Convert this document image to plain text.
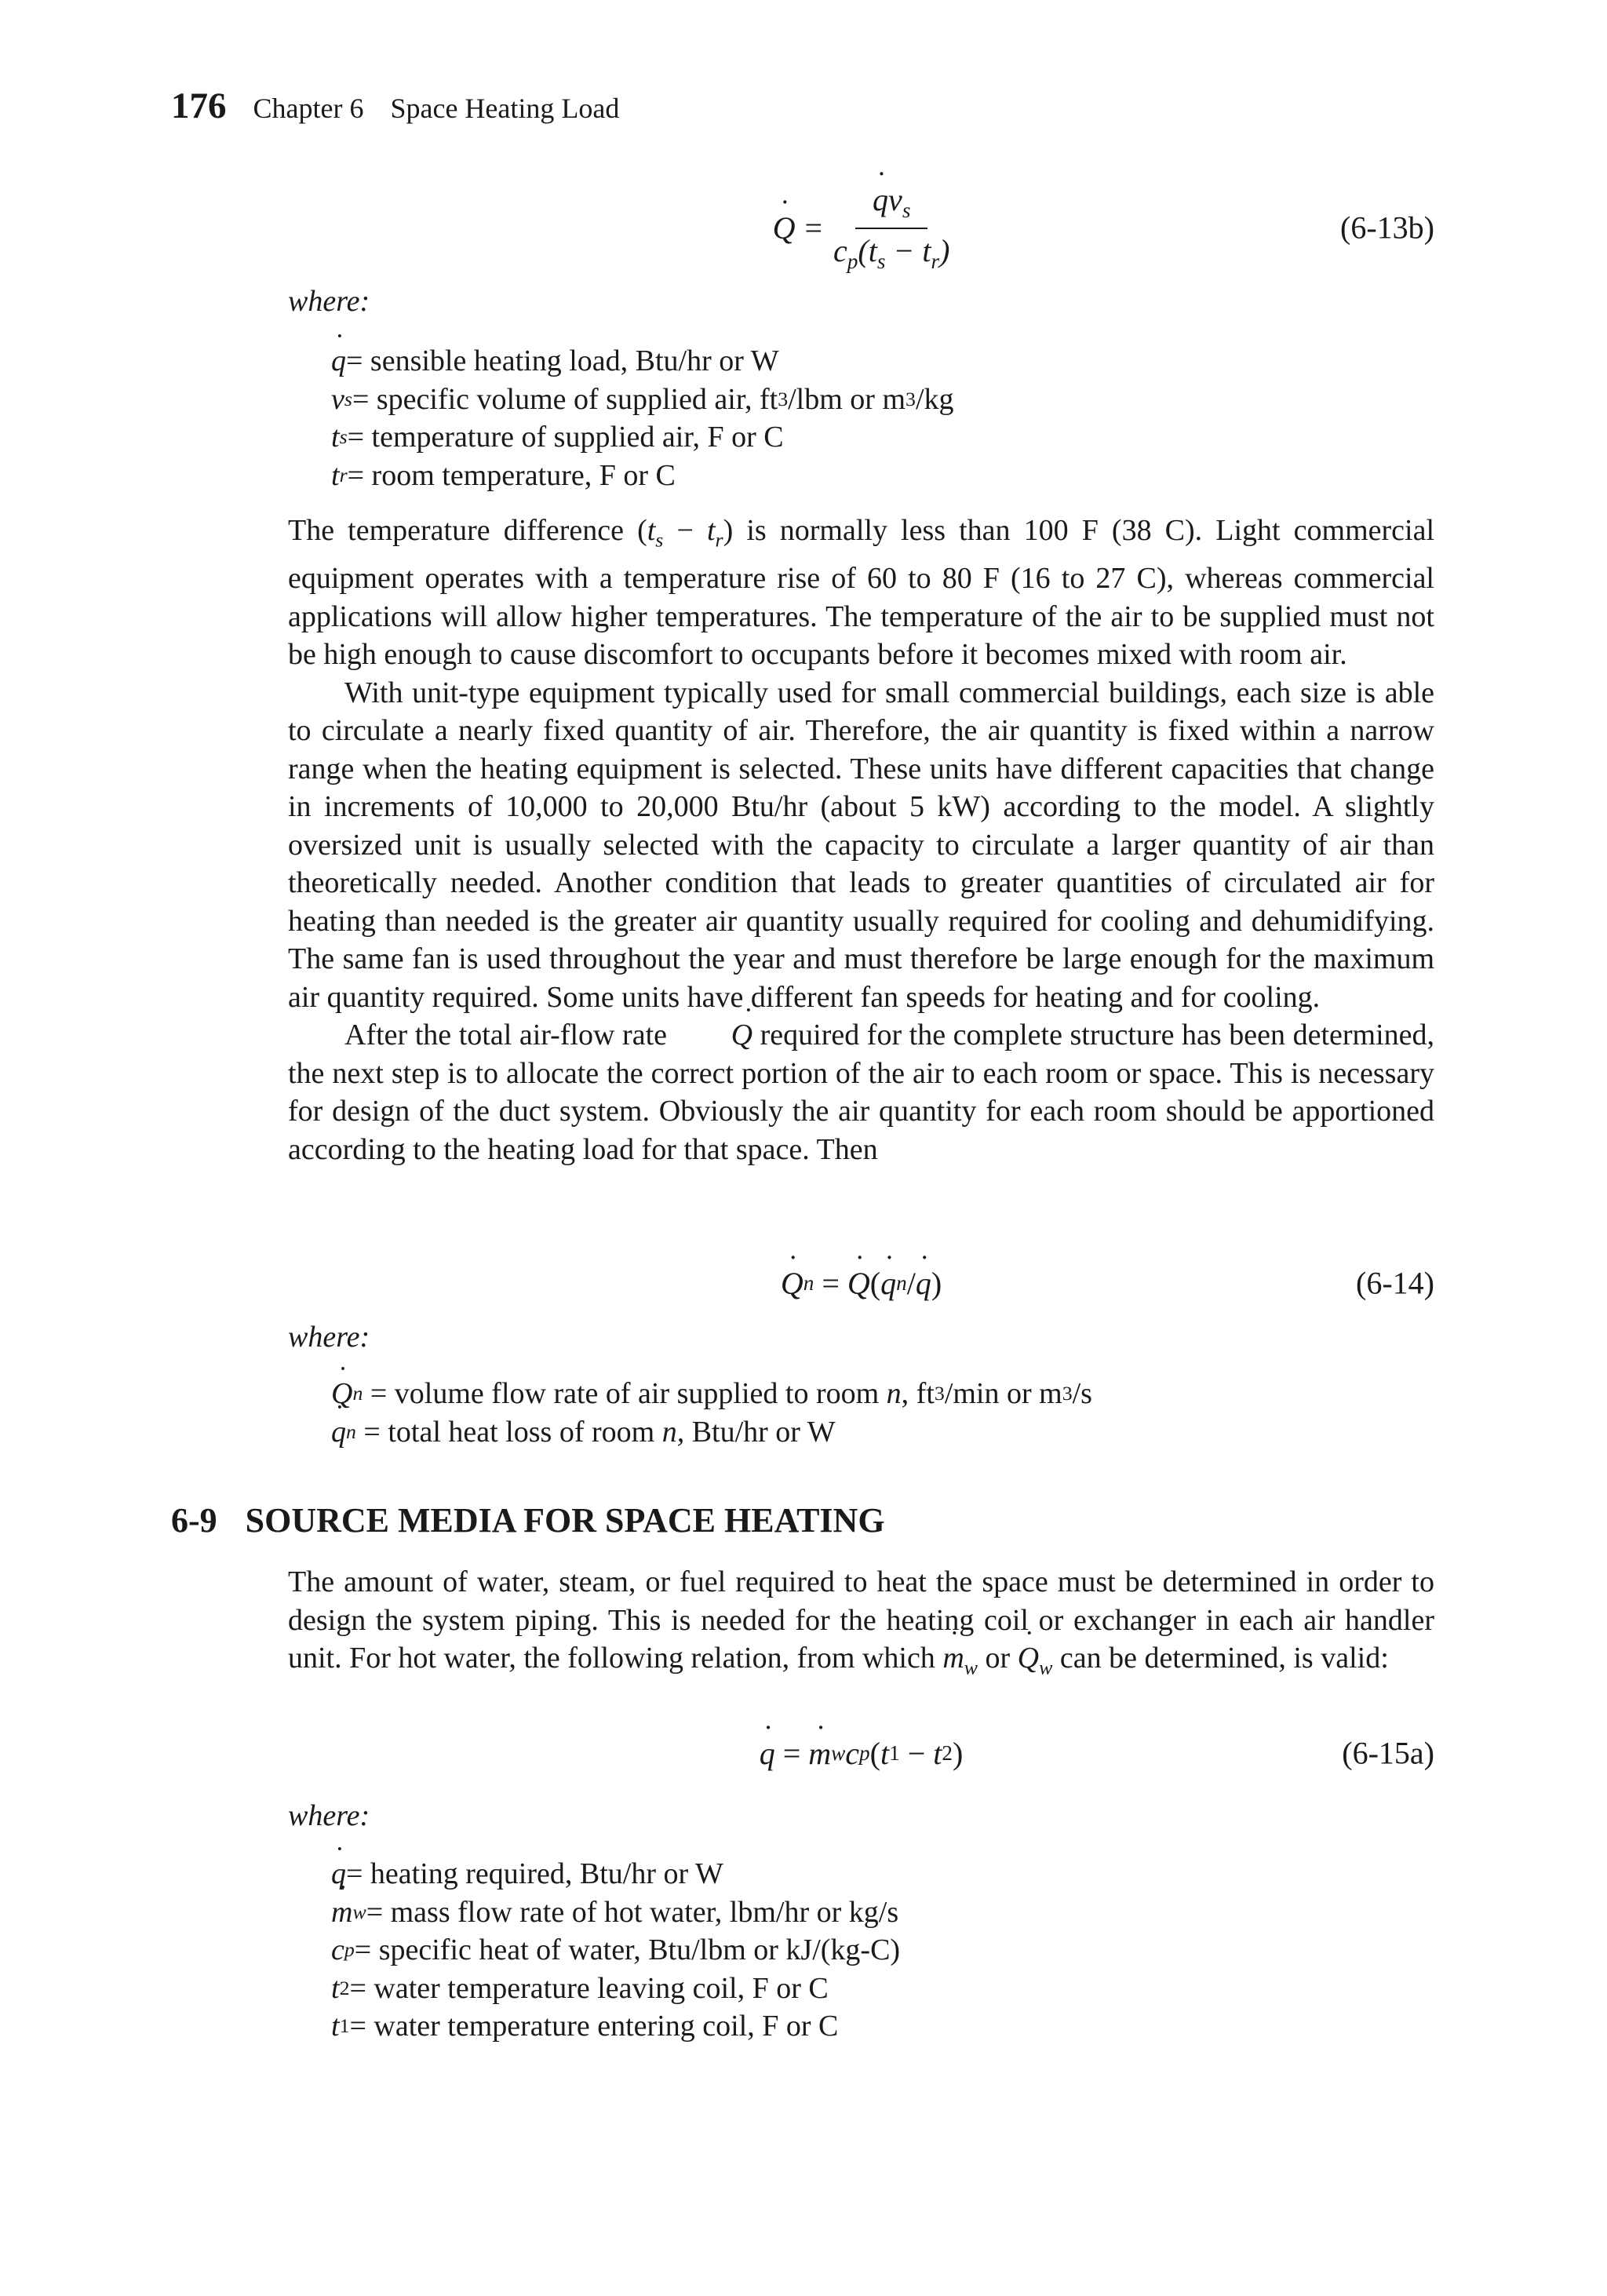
176 Chapter 6 Space Heating Load
˙ Q = ˙ $\frac{qv_s}{c_p(t_s - t_r)}$	(6-13b)
where:
˙ q = sensible heating load, Btu/hr or W
v s = specific volume of supplied air, ft 3 /lbm or m 3 /kg
t s = temperature of supplied air, F or C
t r = room temperature, F or C

The temperature difference $(t_s - t_r)$ is normally less than 100 F (38 C). Light commercial equipment operates with a temperature rise of 60 to 80 F (16 to 27 C), whereas commercial applications will allow higher temperatures. The temperature of the air to be supplied must not be high enough to cause discomfort to occupants before it becomes mixed with room air.

With unit-type equipment typically used for small commercial buildings, each size is able to circulate a nearly fixed quantity of air. Therefore, the air quantity is fixed within a narrow range when the heating equipment is selected. These units have different capacities that change in increments of 10,000 to 20,000 Btu/hr (about 5 kW) according to the model. A slightly oversized unit is usually selected with the capacity to circulate a larger quantity of air than theoretically needed. Another condition that leads to greater quantities of circulated air for heating than needed is the greater air quantity usually required for cooling and dehumidifying. The same fan is used throughout the year and must therefore be large enough for the maximum air quantity required. Some units have different fan speeds for heating and for cooling.

After the total air-flow rate ˙ Q required for the complete structure has been determined, the next step is to allocate the correct portion of the air to each room or space. This is necessary for design of the duct system. Obviously the air quantity for each room should be apportioned according to the heating load for that space. Then

˙ Q n = ˙ Q ( ˙ q n / ˙ q )	(6-14)
where:
˙ Q n = volume flow rate of air supplied to room n , ft 3 /min or m 3 /s
˙ q n = total heat loss of room n, Btu/hr or W
6-9 SOURCE MEDIA FOR SPACE HEATING

The amount of water, steam, or fuel required to heat the space must be determined in order to design the system piping. This is needed for the heating coil or exchanger in each air handler unit. For hot water, the following relation, from which ˙ $m_w$ or ˙ $Q_w$ can be determined, is valid:

˙ q = ˙ m w c p ( t 1 − t 2 )	(6-15a)
where:
˙ q = heating required, Btu/hr or W
˙ m w = mass flow rate of hot water, lbm/hr or kg/s
c p = specific heat of water, Btu/lbm or kJ/(kg-C)
t 2 = water temperature leaving coil, F or C
t 1 = water temperature entering coil, F or C
